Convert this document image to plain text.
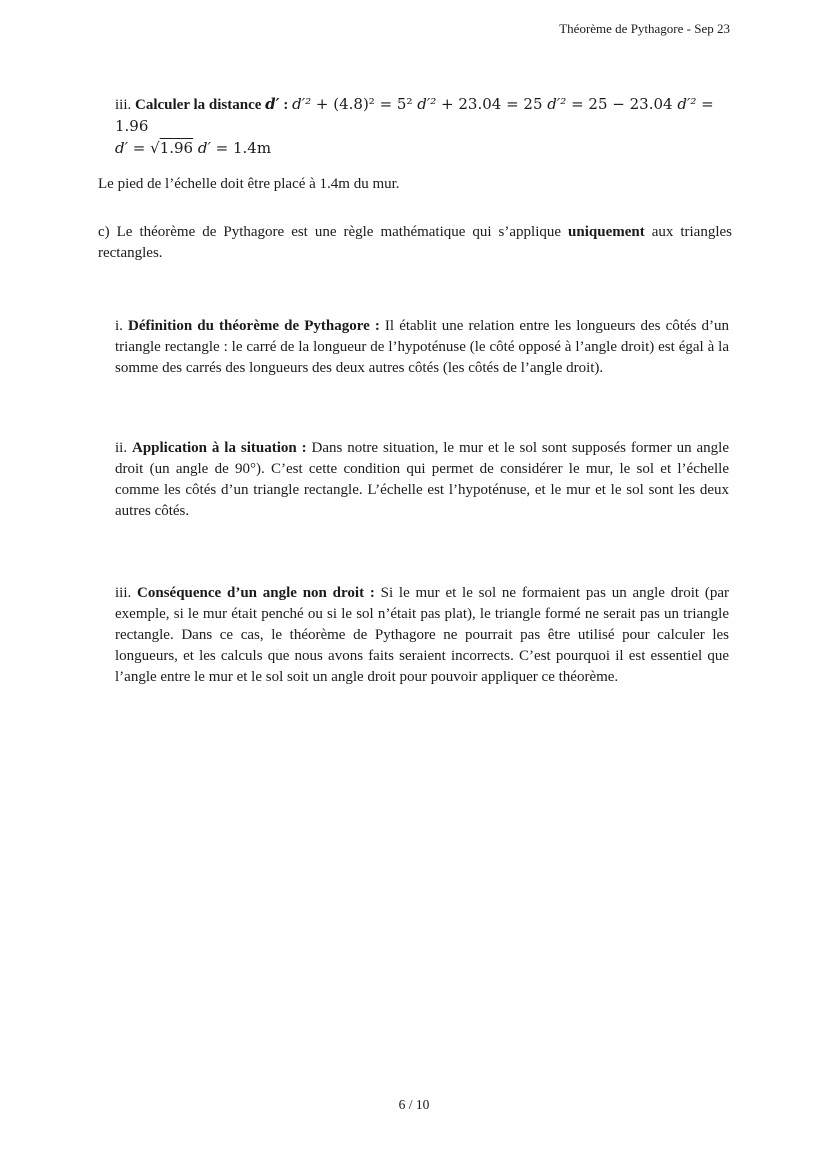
Théorème de Pythagore - Sep 23

iii. Calculer la distance d′ : d′² + (4.8)² = 5² d′² + 23.04 = 25 d′² = 25 − 23.04 d′² = 1.96

d′ = √1.96 d′ = 1.4m

Le pied de l’échelle doit être placé à 1.4m du mur.
c) Le théorème de Pythagore est une règle mathématique qui s’applique uniquement aux triangles rectangles.
i. Définition du théorème de Pythagore : Il établit une relation entre les longueurs des côtés d’un triangle rectangle : le carré de la longueur de l’hypoténuse (le côté opposé à l’angle droit) est égal à la somme des carrés des longueurs des deux autres côtés (les côtés de l’angle droit).
ii. Application à la situation : Dans notre situation, le mur et le sol sont supposés former un angle droit (un angle de 90°). C’est cette condition qui permet de considérer le mur, le sol et l’échelle comme les côtés d’un triangle rectangle. L’échelle est l’hypoténuse, et le mur et le sol sont les deux autres côtés.
iii. Conséquence d’un angle non droit : Si le mur et le sol ne formaient pas un angle droit (par exemple, si le mur était penché ou si le sol n’était pas plat), le triangle formé ne serait pas un triangle rectangle. Dans ce cas, le théorème de Pythagore ne pourrait pas être utilisé pour calculer les longueurs, et les calculs que nous avons faits seraient incorrects. C’est pourquoi il est essentiel que l’angle entre le mur et le sol soit un angle droit pour pouvoir appliquer ce théorème.
6 / 10
